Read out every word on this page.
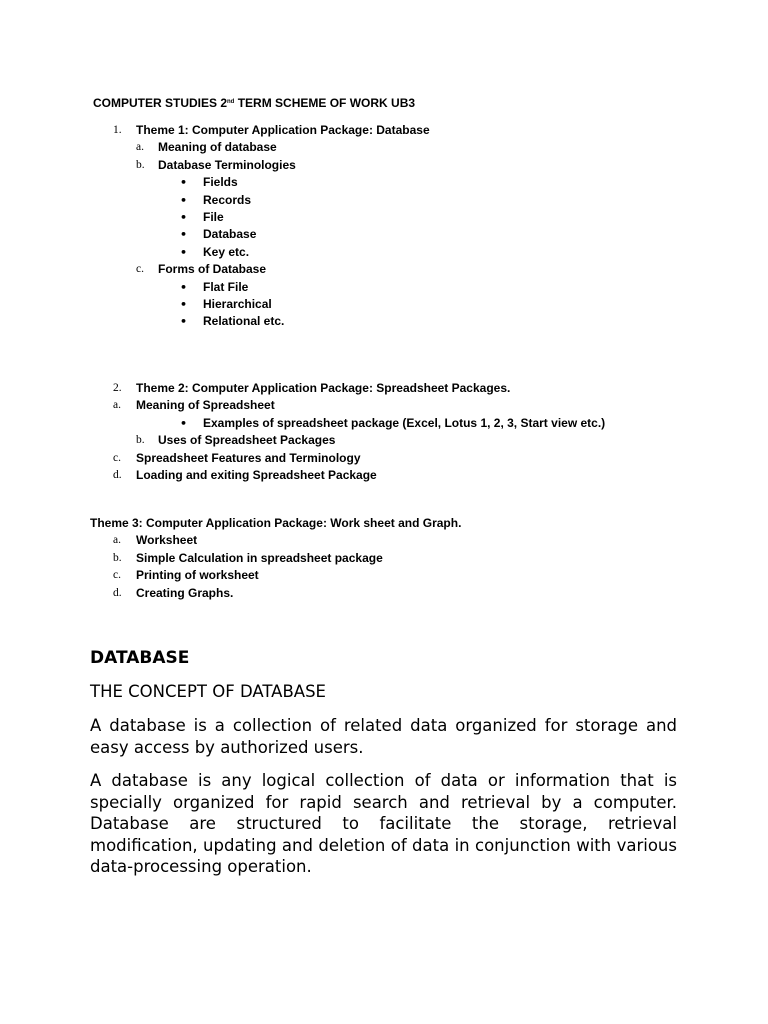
COMPUTER STUDIES 2nd TERM SCHEME OF WORK UB3
1. Theme 1: Computer Application Package: Database
a. Meaning of database
b. Database Terminologies
• Fields
• Records
• File
• Database
• Key etc.
c. Forms of Database
• Flat File
• Hierarchical
• Relational etc.
2. Theme 2: Computer Application Package: Spreadsheet Packages.
a. Meaning of Spreadsheet
• Examples of spreadsheet package (Excel, Lotus 1, 2, 3, Start view etc.)
b. Uses of Spreadsheet Packages
c. Spreadsheet Features and Terminology
d. Loading and exiting Spreadsheet Package
Theme 3: Computer Application Package: Work sheet and Graph.
a. Worksheet
b. Simple Calculation in spreadsheet package
c. Printing of worksheet
d. Creating Graphs.
DATABASE
THE CONCEPT OF DATABASE

A database is a collection of related data organized for storage and easy access by authorized users.

A database is any logical collection of data or information that is specially organized for rapid search and retrieval by a computer. Database are structured to facilitate the storage, retrieval modification, updating and deletion of data in conjunction with various data-processing operation.
